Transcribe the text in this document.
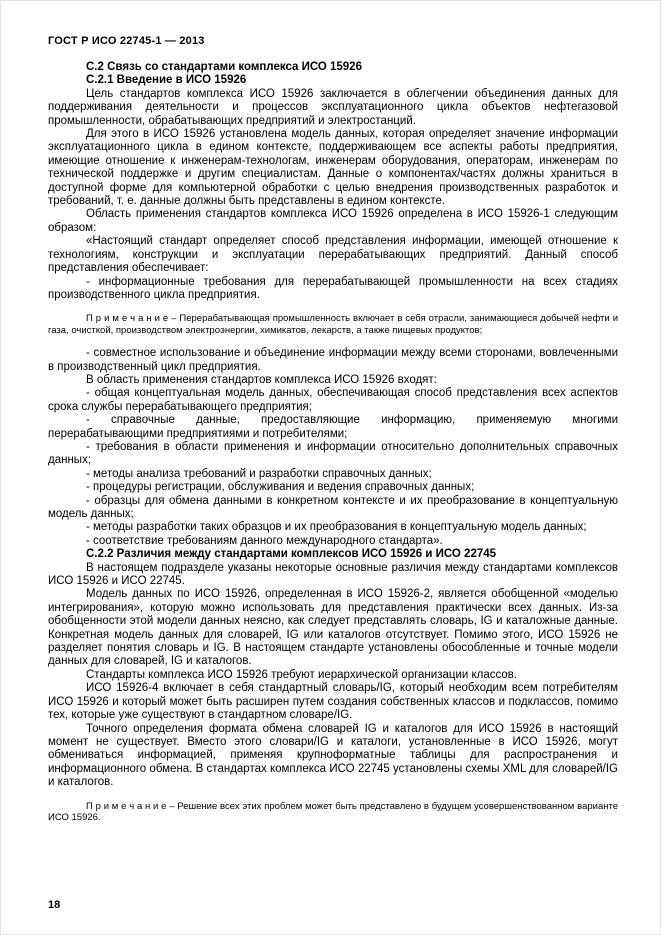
ГОСТ Р ИСО 22745-1 — 2013

С.2 Связь со стандартами комплекса ИСО 15926

С.2.1 Введение в ИСО 15926

Цель стандартов комплекса ИСО 15926 заключается в облегчении объединения данных для поддерживания деятельности и процессов эксплуатационного цикла объектов нефтегазовой промышленности, обрабатывающих предприятий и электростанций.

Для этого в ИСО 15926 установлена модель данных, которая определяет значение информации эксплуатационного цикла в едином контексте, поддерживающем все аспекты работы предприятия, имеющие отношение к инженерам-технологам, инженерам оборудования, операторам, инженерам по технической поддержке и другим специалистам. Данные о компонентах/частях должны храниться в доступной форме для компьютерной обработки с целью внедрения производственных разработок и требований, т. е. данные должны быть представлены в едином контексте.

Область применения стандартов комплекса ИСО 15926 определена в ИСО 15926-1 следующим образом:

«Настоящий стандарт определяет способ представления информации, имеющей отношение к технологиям, конструкции и эксплуатации перерабатывающих предприятий. Данный способ представления обеспечивает:

- информационные требования для перерабатывающей промышленности на всех стадиях производственного цикла предприятия.

П р и м е ч а н и е – Перерабатывающая промышленность включает в себя отрасли, занимающиеся добычей нефти и газа, очисткой, производством электроэнергии, химикатов, лекарств, а также пищевых продуктов;

- совместное использование и объединение информации между всеми сторонами, вовлеченными в производственный цикл предприятия.

В область применения стандартов комплекса ИСО 15926 входят:

- общая концептуальная модель данных, обеспечивающая способ представления всех аспектов срока службы перерабатывающего предприятия;

- справочные данные, предоставляющие информацию, применяемую многими перерабатывающими предприятиями и потребителями;

- требования в области применения и информации относительно дополнительных справочных данных;

- методы анализа требований и разработки справочных данных;

- процедуры регистрации, обслуживания и ведения справочных данных;

- образцы для обмена данными в конкретном контексте и их преобразование в концептуальную модель данных;

- методы разработки таких образцов и их преобразования в концептуальную модель данных;

- соответствие требованиям данного международного стандарта».

С.2.2 Различия между стандартами комплексов ИСО 15926 и ИСО 22745

В настоящем подразделе указаны некоторые основные различия между стандартами комплексов ИСО 15926 и ИСО 22745.

Модель данных по ИСО 15926, определенная в ИСО 15926-2, является обобщенной «моделью интегрирования», которую можно использовать для представления практически всех данных. Из-за обобщенности этой модели данных неясно, как следует представлять словарь, IG и каталожные данные. Конкретная модель данных для словарей, IG или каталогов отсутствует. Помимо этого, ИСО 15926 не разделяет понятия словарь и IG. В настоящем стандарте установлены обособленные и точные модели данных для словарей, IG и каталогов.

Стандарты комплекса ИСО 15926 требуют иерархической организации классов.

ИСО 15926-4 включает в себя стандартный словарь/IG, который необходим всем потребителям ИСО 15926 и который может быть расширен путем создания собственных классов и подклассов, помимо тех, которые уже существуют в стандартном словаре/IG.

Точного определения формата обмена словарей IG и каталогов для ИСО 15926 в настоящий момент не существует. Вместо этого словари/IG и каталоги, установленные в ИСО 15926, могут обмениваться информацией, применяя крупноформатные таблицы для распространения и информационного обмена. В стандартах комплекса ИСО 22745 установлены схемы XML для словарей/IG и каталогов.

П р и м е ч а н и е – Решение всех этих проблем может быть представлено в будущем усовершенствованном варианте ИСО 15926.

18
